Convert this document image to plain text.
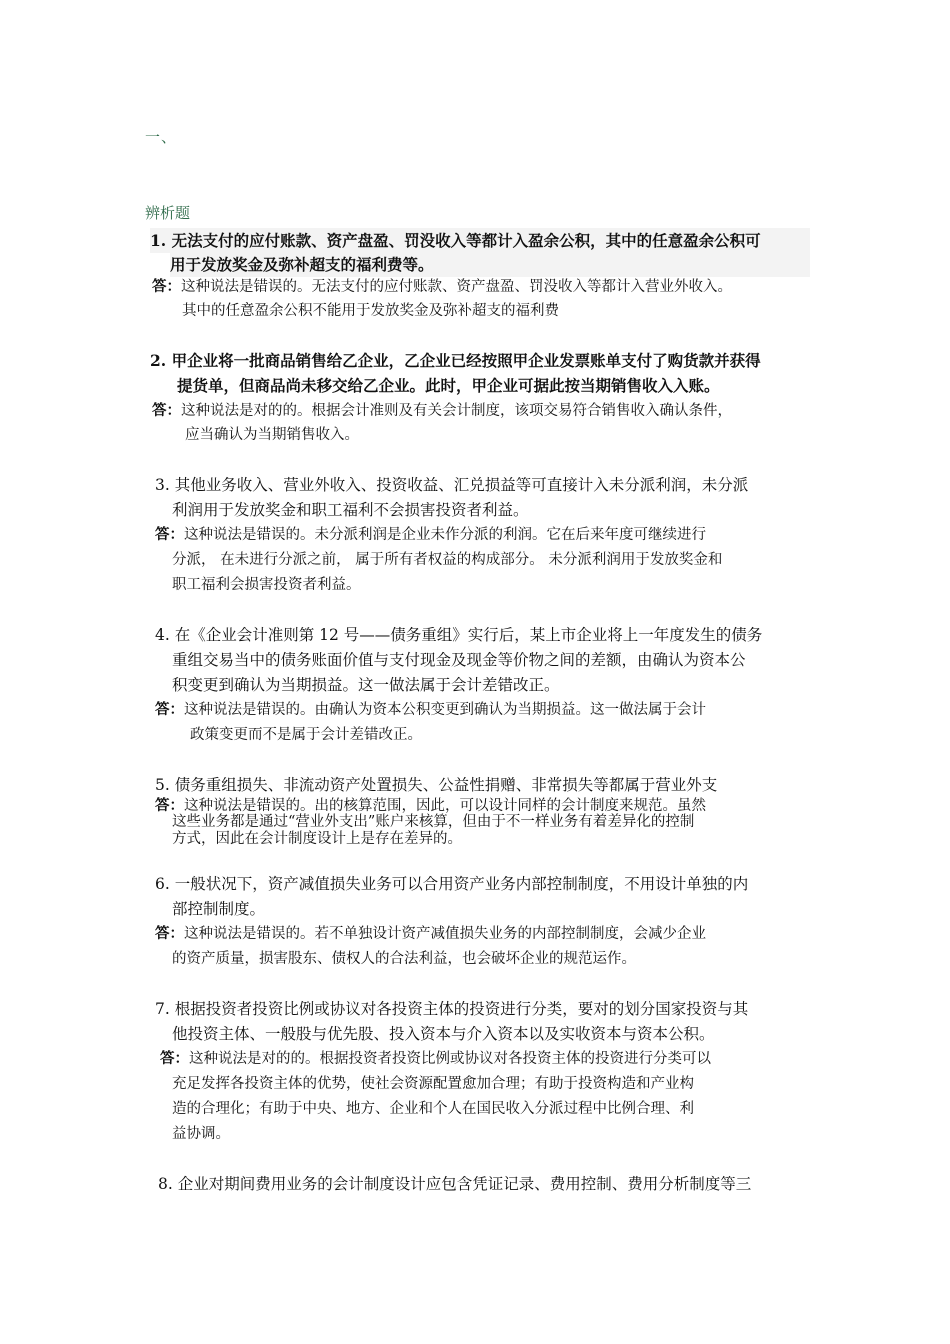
一、
辨析题
1. 无法支付的应付账款、资产盘盈、罚没收入等都计入盈余公积，其中的任意盈余公积可
用于发放奖金及弥补超支的福利费等。
答：这种说法是错误的。无法支付的应付账款、资产盘盈、罚没收入等都计入营业外收入。
其中的任意盈余公积不能用于发放奖金及弥补超支的福利费
2. 甲企业将一批商品销售给乙企业，乙企业已经按照甲企业发票账单支付了购货款并获得
提货单，但商品尚未移交给乙企业。此时，甲企业可据此按当期销售收入入账。
答：这种说法是对的的。根据会计准则及有关会计制度，该项交易符合销售收入确认条件，
应当确认为当期销售收入。
3. 其他业务收入、营业外收入、投资收益、汇兑损益等可直接计入未分派利润，未分派
利润用于发放奖金和职工福利不会损害投资者利益。
答：这种说法是错误的。未分派利润是企业未作分派的利润。它在后来年度可继续进行
分派， 在未进行分派之前， 属于所有者权益的构成部分。 未分派利润用于发放奖金和
职工福利会损害投资者利益。
4. 在《企业会计准则第 12 号——债务重组》实行后，某上市企业将上一年度发生的债务
重组交易当中的债务账面价值与支付现金及现金等价物之间的差额，由确认为资本公
积变更到确认为当期损益。这一做法属于会计差错改正。
答：这种说法是错误的。由确认为资本公积变更到确认为当期损益。这一做法属于会计
政策变更而不是属于会计差错改正。
5. 债务重组损失、非流动资产处置损失、公益性捐赠、非常损失等都属于营业外支
答：这种说法是错误的。出的核算范围，因此，可以设计同样的会计制度来规范。虽然
这些业务都是通过“营业外支出”账户来核算，但由于不一样业务有着差异化的控制
方式，因此在会计制度设计上是存在差异的。
6. 一般状况下，资产减值损失业务可以合用资产业务内部控制制度，不用设计单独的内
部控制制度。
答：这种说法是错误的。若不单独设计资产减值损失业务的内部控制制度，会减少企业
的资产质量，损害股东、债权人的合法利益，也会破坏企业的规范运作。
7. 根据投资者投资比例或协议对各投资主体的投资进行分类，要对的划分国家投资与其
他投资主体、一般股与优先股、投入资本与介入资本以及实收资本与资本公积。
答：这种说法是对的的。根据投资者投资比例或协议对各投资主体的投资进行分类可以
充足发挥各投资主体的优势，使社会资源配置愈加合理；有助于投资构造和产业构
造的合理化；有助于中央、地方、企业和个人在国民收入分派过程中比例合理、利
益协调。
8. 企业对期间费用业务的会计制度设计应包含凭证记录、费用控制、费用分析制度等三
